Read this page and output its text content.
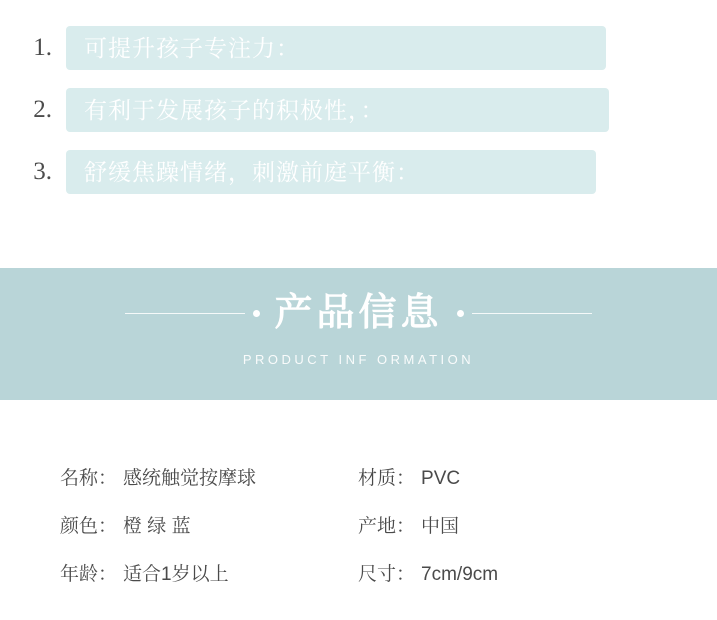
1.	可提升孩子专注力：
2.	有利于发展孩子的积极性，：
3.	舒缓焦躁情绪，刺激前庭平衡：
产品信息
PRODUCT INF ORMATION
名称： 感统触觉按摩球	材质： PVC
颜色： 橙 绿 蓝	产地： 中国
年龄： 适合1岁以上	尺寸： 7cm/9cm
